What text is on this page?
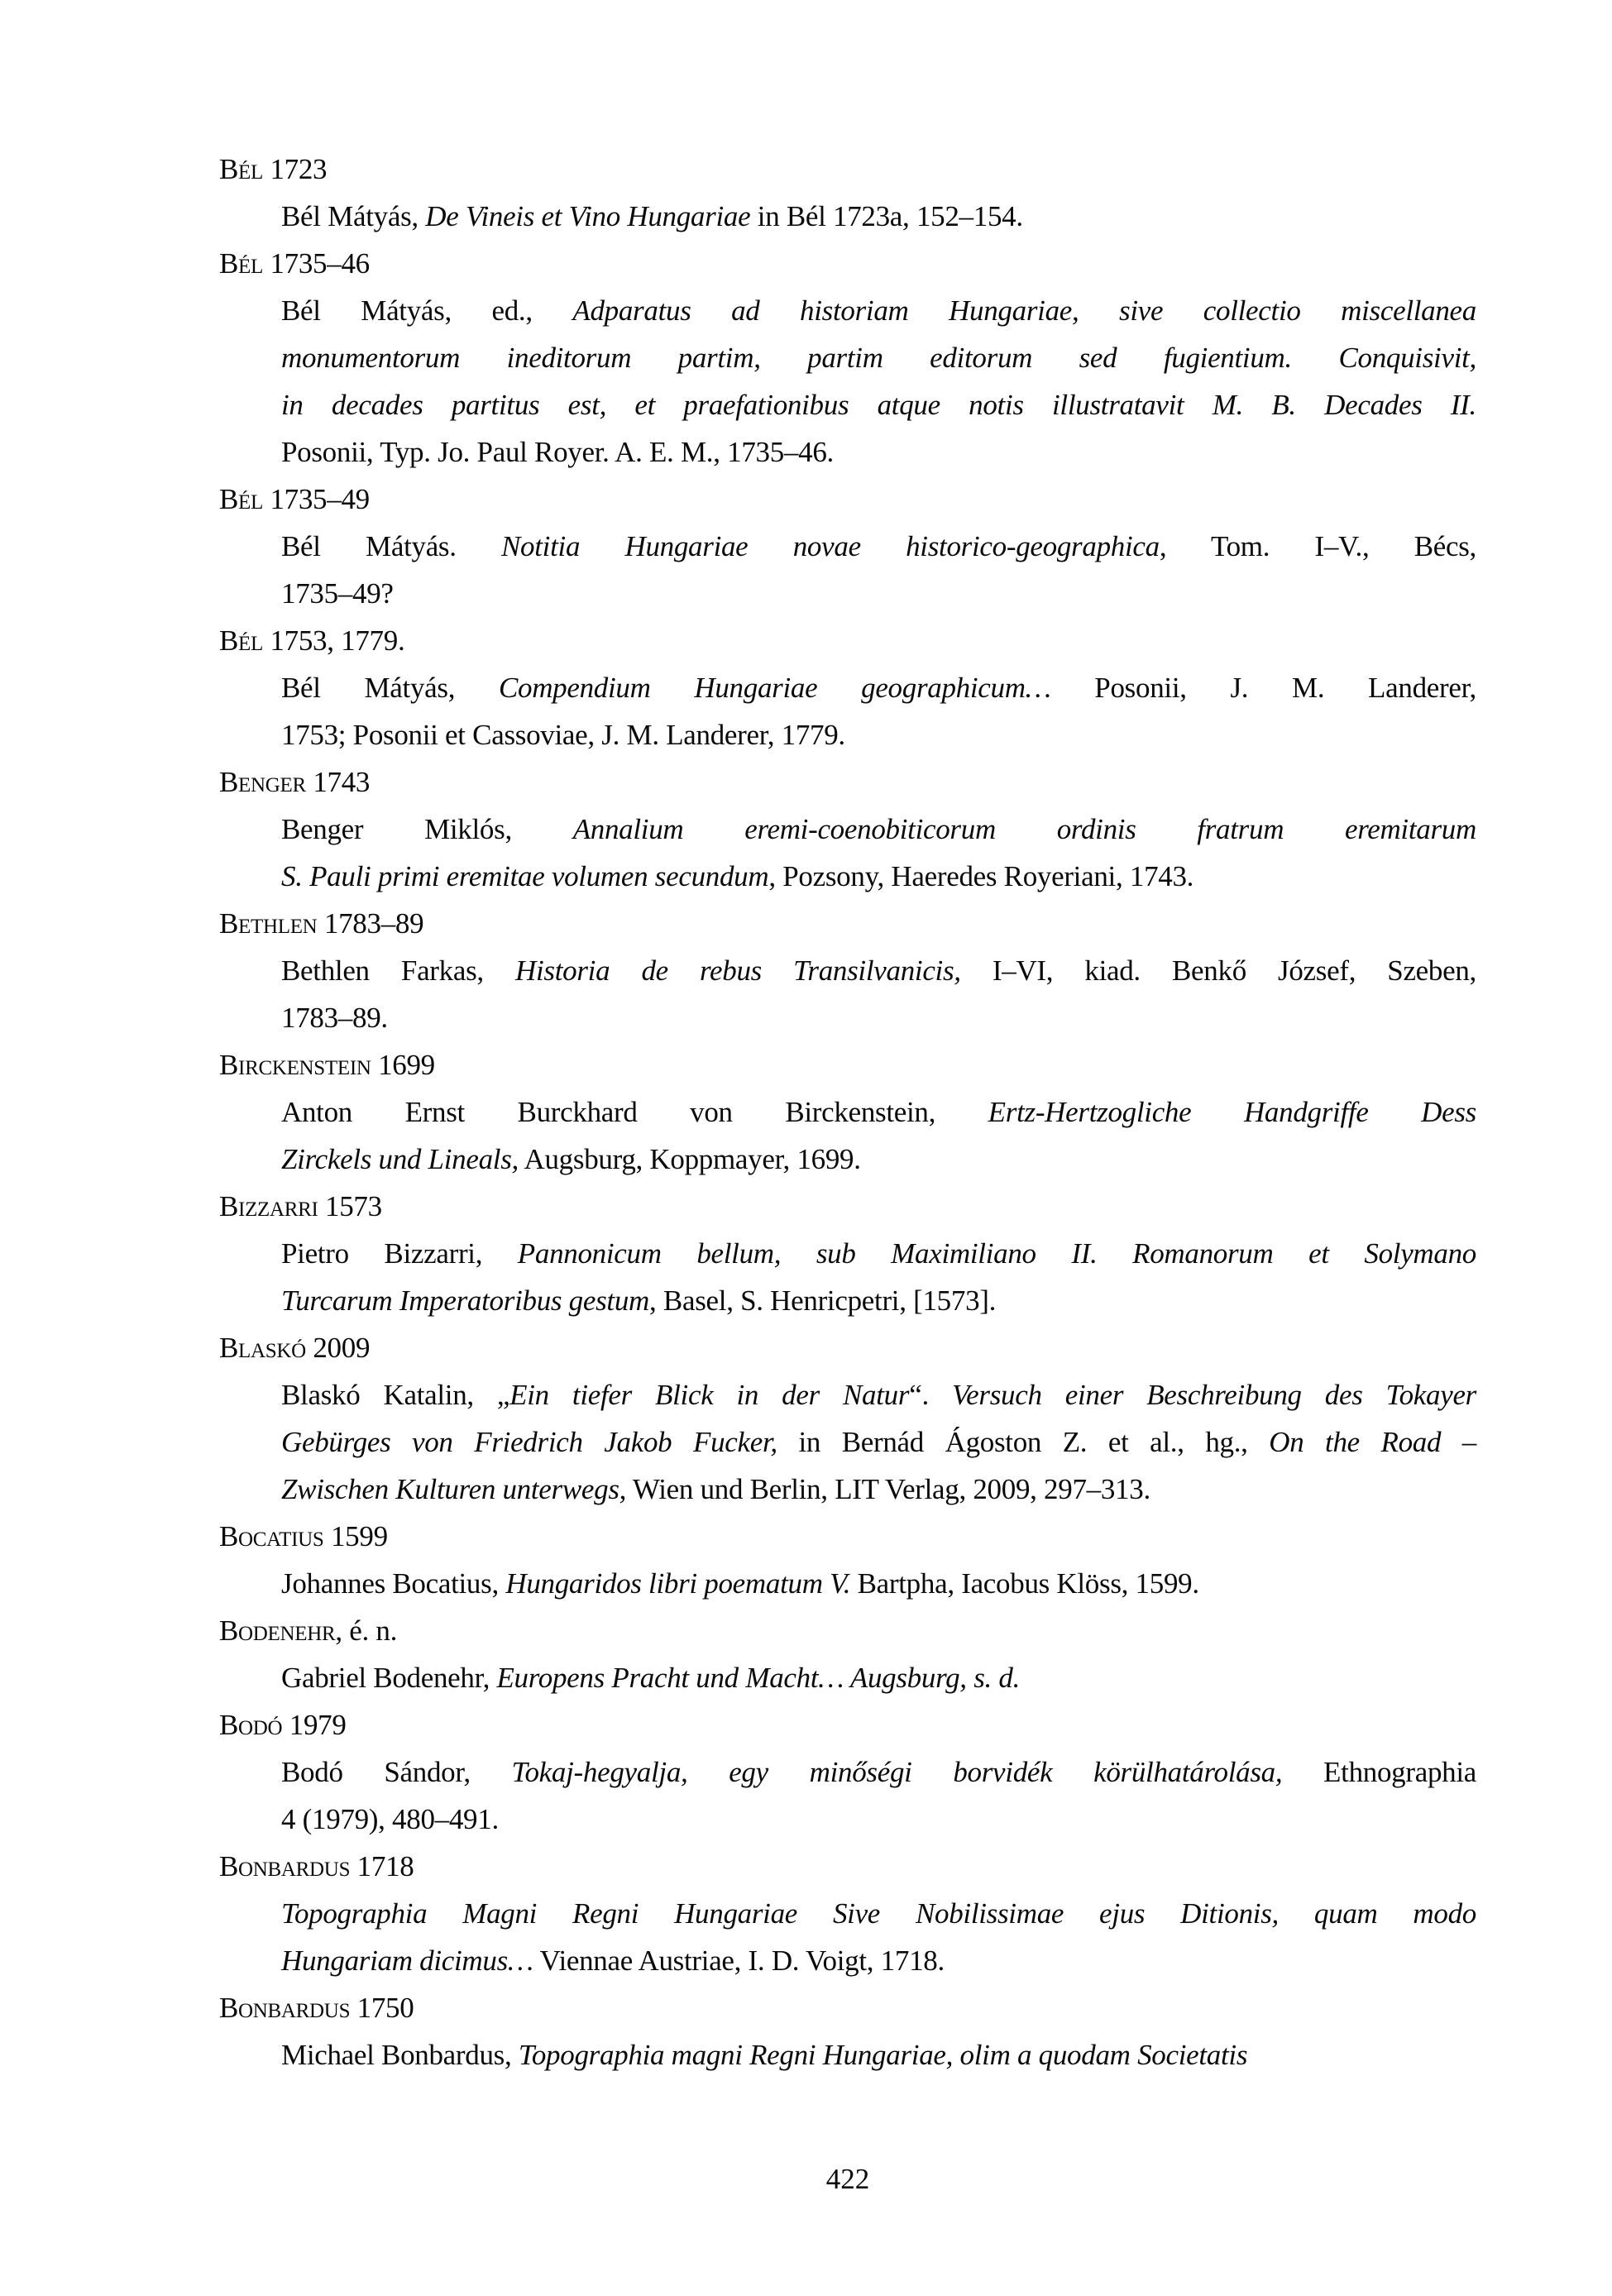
Bél 1723
Bél Mátyás, De Vineis et Vino Hungariae in Bél 1723a, 152–154.
Bél 1735–46
Bél Mátyás, ed., Adparatus ad historiam Hungariae, sive collectio miscellanea
monumentorum ineditorum partim, partim editorum sed fugientium. Conquisivit,
in decades partitus est, et praefationibus atque notis illustratavit M. B. Decades II.
Posonii, Typ. Jo. Paul Royer. A. E. M., 1735–46.
Bél 1735–49
Bél Mátyás. Notitia Hungariae novae historico-geographica, Tom. I–V., Bécs,
1735–49?
Bél 1753, 1779.
Bél Mátyás, Compendium Hungariae geographicum… Posonii, J. M. Landerer,
1753; Posonii et Cassoviae, J. M. Landerer, 1779.
Benger 1743
Benger Miklós, Annalium eremi-coenobiticorum ordinis fratrum eremitarum
S. Pauli primi eremitae volumen secundum, Pozsony, Haeredes Royeriani, 1743.
Bethlen 1783–89
Bethlen Farkas, Historia de rebus Transilvanicis, I–VI, kiad. Benkő József, Szeben,
1783–89.
Birckenstein 1699
Anton Ernst Burckhard von Birckenstein, Ertz-Hertzogliche Handgriffe Dess
Zirckels und Lineals, Augsburg, Koppmayer, 1699.
Bizzarri 1573
Pietro Bizzarri, Pannonicum bellum, sub Maximiliano II. Romanorum et Solymano
Turcarum Imperatoribus gestum, Basel, S. Henricpetri, [1573].
Blaskó 2009
Blaskó Katalin, „Ein tiefer Blick in der Natur“. Versuch einer Beschreibung des Tokayer
Gebürges von Friedrich Jakob Fucker, in Bernád Ágoston Z. et al., hg., On the Road –
Zwischen Kulturen unterwegs, Wien und Berlin, LIT Verlag, 2009, 297–313.
Bocatius 1599
Johannes Bocatius, Hungaridos libri poematum V. Bartpha, Iacobus Klöss, 1599.
Bodenehr, é. n.
Gabriel Bodenehr, Europens Pracht und Macht… Augsburg, s. d.
Bodó 1979
Bodó Sándor, Tokaj-hegyalja, egy minőségi borvidék körülhatárolása, Ethnographia
4 (1979), 480–491.
Bonbardus 1718
Topographia Magni Regni Hungariae Sive Nobilissimae ejus Ditionis, quam modo
Hungariam dicimus… Viennae Austriae, I. D. Voigt, 1718.
Bonbardus 1750
Michael Bonbardus, Topographia magni Regni Hungariae, olim a quodam Societatis
422
